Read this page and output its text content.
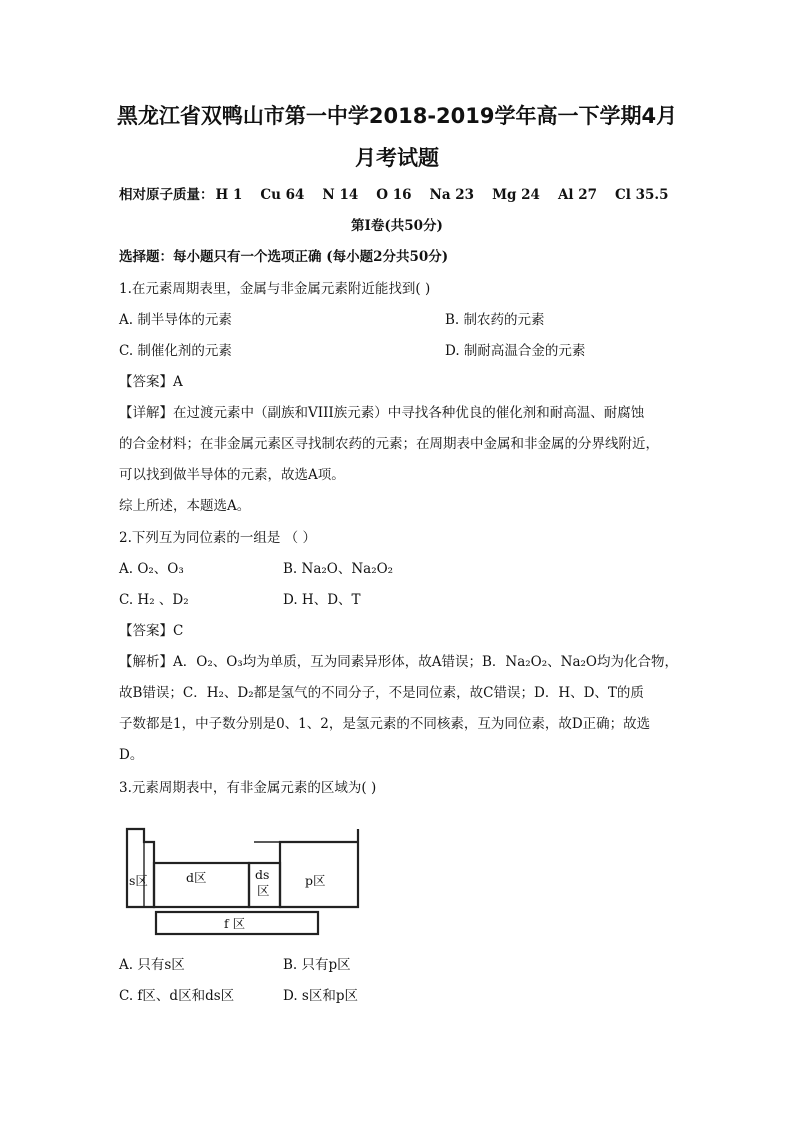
黑龙江省双鸭山市第一中学2018-2019学年高一下学期4月
月考试题
相对原子质量： H 1 Cu 64 N 14 O 16 Na 23 Mg 24 Al 27 Cl 35.5
第Ⅰ卷(共50分)
选择题：每小题只有一个选项正确 (每小题2分共50分)
1.在元素周期表里，金属与非金属元素附近能找到( )
A. 制半导体的元素	B. 制农药的元素
C. 制催化剂的元素	D. 制耐高温合金的元素
【答案】A
【详解】在过渡元素中（副族和VIII族元素）中寻找各种优良的催化剂和耐高温、耐腐蚀
的合金材料；在非金属元素区寻找制农药的元素；在周期表中金属和非金属的分界线附近，
可以找到做半导体的元素，故选A项。
综上所述，本题选A。
2.下列互为同位素的一组是 （ ）
A. O₂、O₃	B. Na₂O、Na₂O₂
C. H₂ 、D₂	D. H、D、T
【答案】C
【解析】A．O₂、O₃均为单质，互为同素异形体，故A错误；B．Na₂O₂、Na₂O均为化合物，
故B错误；C．H₂、D₂都是氢气的不同分子，不是同位素，故C错误；D．H、D、T的质
子数都是1，中子数分别是0、1、2，是氢元素的不同核素，互为同位素，故D正确；故选
D。
3.元素周期表中，有非金属元素的区域为( )
s区	d区	ds
区
p区
f 区
A. 只有s区	B. 只有p区
C. f区、d区和ds区	D. s区和p区
